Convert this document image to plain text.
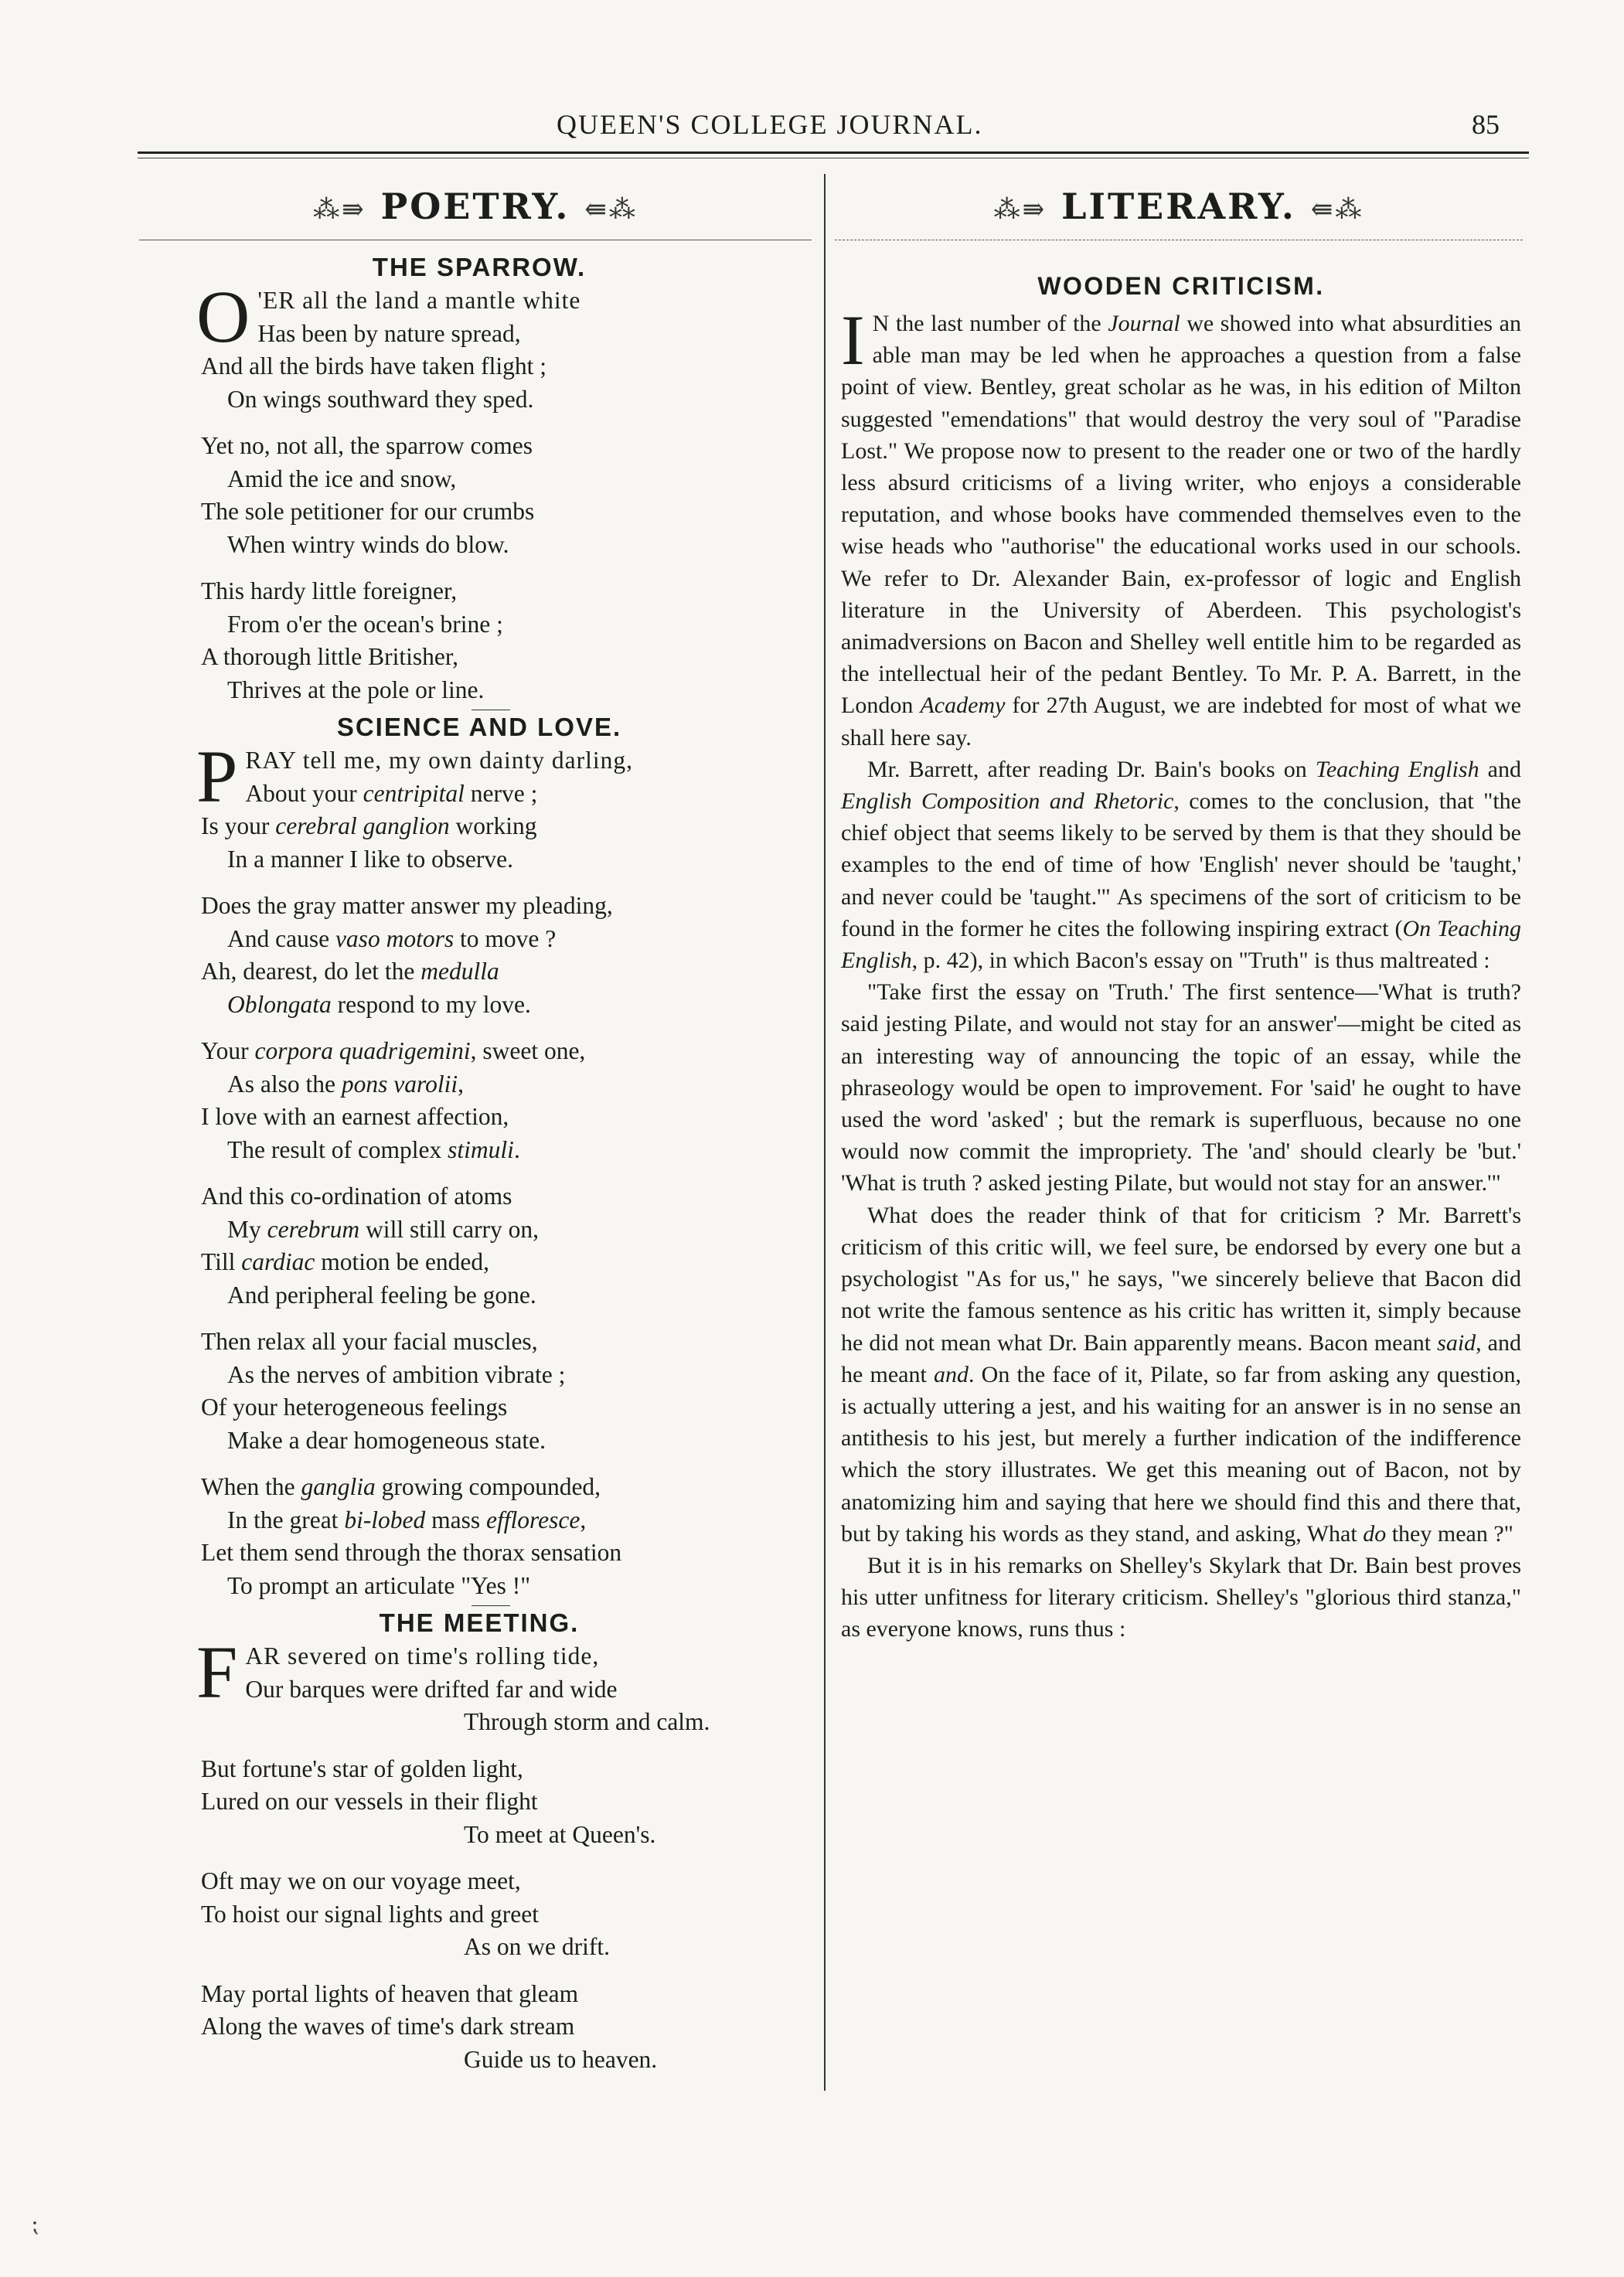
QUEEN'S COLLEGE JOURNAL.	85
⁂⇛ POETRY. ⇚⁂	⁂⇛ LITERARY. ⇚⁂
THE SPARROW.
O 'ER all the land a mantle white
Has been by nature spread,
And all the birds have taken flight ;
On wings southward they sped.
Yet no, not all, the sparrow comes
Amid the ice and snow,
The sole petitioner for our crumbs
When wintry winds do blow.
This hardy little foreigner,
From o'er the ocean's brine ;
A thorough little Britisher,
Thrives at the pole or line.
SCIENCE AND LOVE.
P RAY tell me, my own dainty darling,
About your centripital nerve ;
Is your cerebral ganglion working
In a manner I like to observe.
Does the gray matter answer my pleading,
And cause vaso motors to move ?
Ah, dearest, do let the medulla
Oblongata respond to my love.
Your corpora quadrigemini, sweet one,
As also the pons varolii,
I love with an earnest affection,
The result of complex stimuli.
And this co-ordination of atoms
My cerebrum will still carry on,
Till cardiac motion be ended,
And peripheral feeling be gone.
Then relax all your facial muscles,
As the nerves of ambition vibrate ;
Of your heterogeneous feelings
Make a dear homogeneous state.
When the ganglia growing compounded,
In the great bi-lobed mass effloresce,
Let them send through the thorax sensation
To prompt an articulate "Yes !"
THE MEETING.
F AR severed on time's rolling tide,
Our barques were drifted far and wide
Through storm and calm.
But fortune's star of golden light,
Lured on our vessels in their flight
To meet at Queen's.
Oft may we on our voyage meet,
To hoist our signal lights and greet
As on we drift.
May portal lights of heaven that gleam
Along the waves of time's dark stream
Guide us to heaven.
WOODEN CRITICISM.

I N the last number of the Journal we showed into what absurdities an able man may be led when he approaches a question from a false point of view. Bentley, great scholar as he was, in his edition of Milton suggested "emendations" that would destroy the very soul of "Paradise Lost." We propose now to present to the reader one or two of the hardly less absurd criticisms of a living writer, who enjoys a considerable reputation, and whose books have commended themselves even to the wise heads who "authorise" the educational works used in our schools. We refer to Dr. Alexander Bain, ex-professor of logic and English literature in the University of Aberdeen. This psychologist's animadversions on Bacon and Shelley well entitle him to be regarded as the intellectual heir of the pedant Bentley. To Mr. P. A. Barrett, in the London Academy for 27th August, we are indebted for most of what we shall here say.

Mr. Barrett, after reading Dr. Bain's books on Teaching English and English Composition and Rhetoric, comes to the conclusion, that "the chief object that seems likely to be served by them is that they should be examples to the end of time of how 'English' never should be 'taught,' and never could be 'taught.'" As specimens of the sort of criticism to be found in the former he cites the following inspiring extract (On Teaching English, p. 42), in which Bacon's essay on "Truth" is thus maltreated :

"Take first the essay on 'Truth.' The first sentence—'What is truth? said jesting Pilate, and would not stay for an answer'—might be cited as an interesting way of announcing the topic of an essay, while the phraseology would be open to improvement. For 'said' he ought to have used the word 'asked' ; but the remark is superfluous, because no one would now commit the impropriety. The 'and' should clearly be 'but.' 'What is truth ? asked jesting Pilate, but would not stay for an answer.'"

What does the reader think of that for criticism ? Mr. Barrett's criticism of this critic will, we feel sure, be endorsed by every one but a psychologist "As for us," he says, "we sincerely believe that Bacon did not write the famous sentence as his critic has written it, simply because he did not mean what Dr. Bain apparently means. Bacon meant said, and he meant and. On the face of it, Pilate, so far from asking any question, is actually uttering a jest, and his waiting for an answer is in no sense an antithesis to his jest, but merely a further indication of the indifference which the story illustrates. We get this meaning out of Bacon, not by anatomizing him and saying that here we should find this and there that, but by taking his words as they stand, and asking, What do they mean ?"

But it is in his remarks on Shelley's Skylark that Dr. Bain best proves his utter unfitness for literary criticism. Shelley's "glorious third stanza," as everyone knows, runs thus :

⁏
